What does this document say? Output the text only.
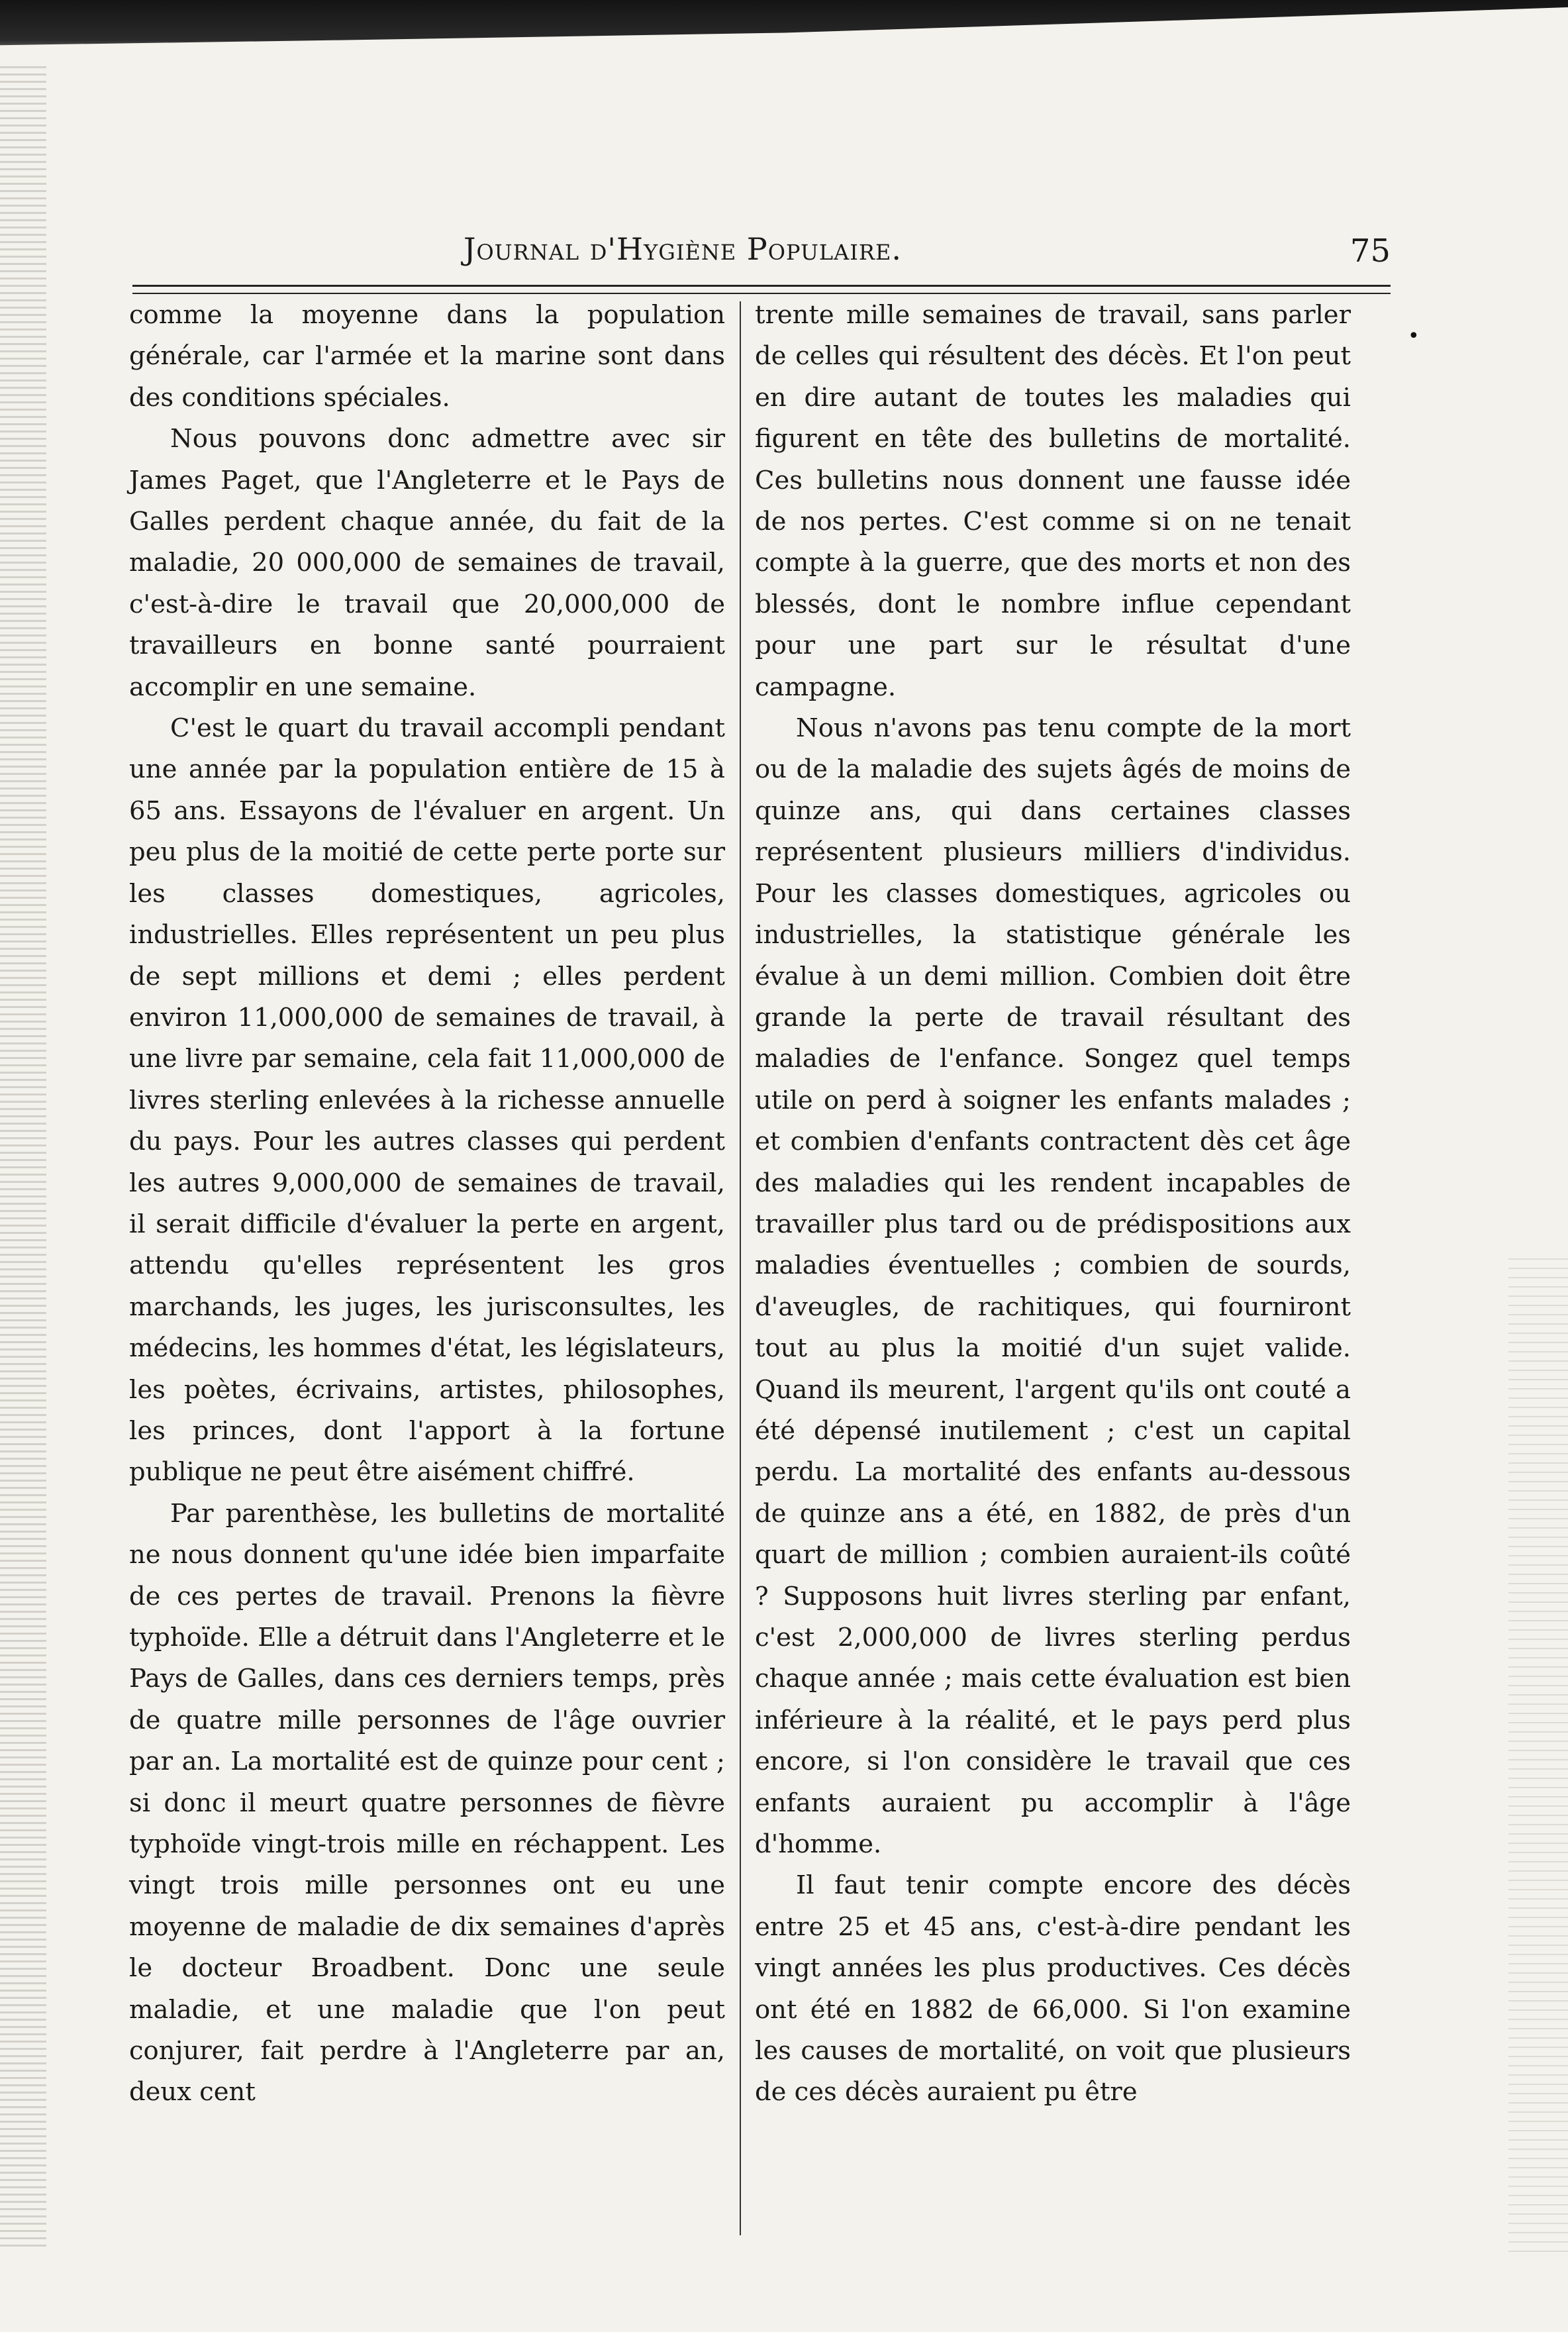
Journal d'Hygiène Populaire.	75

comme la moyenne dans la population générale, car l'armée et la marine sont dans des conditions spéciales.

Nous pouvons donc admettre avec sir James Paget, que l'Angleterre et le Pays de Galles perdent chaque année, du fait de la maladie, 20 000,000 de semaines de travail, c'est-à-dire le travail que 20,000,000 de travailleurs en bonne santé pourraient accomplir en une semaine.

C'est le quart du travail accompli pendant une année par la population entière de 15 à 65 ans. Essayons de l'évaluer en argent. Un peu plus de la moitié de cette perte porte sur les classes domestiques, agricoles, industrielles. Elles représentent un peu plus de sept millions et demi ; elles perdent environ 11,000,000 de semaines de travail, à une livre par semaine, cela fait 11,000,000 de livres sterling enlevées à la richesse annuelle du pays. Pour les autres classes qui perdent les autres 9,000,000 de semaines de travail, il serait difficile d'évaluer la perte en argent, attendu qu'elles représentent les gros marchands, les juges, les jurisconsultes, les médecins, les hommes d'état, les législateurs, les poètes, écrivains, artistes, philosophes, les princes, dont l'apport à la fortune publique ne peut être aisément chiffré.

Par parenthèse, les bulletins de mortalité ne nous donnent qu'une idée bien imparfaite de ces pertes de travail. Prenons la fièvre typhoïde. Elle a détruit dans l'Angleterre et le Pays de Galles, dans ces derniers temps, près de quatre mille personnes de l'âge ouvrier par an. La mortalité est de quinze pour cent ; si donc il meurt quatre personnes de fièvre typhoïde vingt-trois mille en réchappent. Les vingt trois mille personnes ont eu une moyenne de maladie de dix semaines d'après le docteur Broadbent. Donc une seule maladie, et une maladie que l'on peut conjurer, fait perdre à l'Angleterre par an, deux cent

trente mille semaines de travail, sans parler de celles qui résultent des décès. Et l'on peut en dire autant de toutes les maladies qui figurent en tête des bulletins de mortalité. Ces bulletins nous donnent une fausse idée de nos pertes. C'est comme si on ne tenait compte à la guerre, que des morts et non des blessés, dont le nombre influe cependant pour une part sur le résultat d'une campagne.

Nous n'avons pas tenu compte de la mort ou de la maladie des sujets âgés de moins de quinze ans, qui dans certaines classes représentent plusieurs milliers d'individus. Pour les classes domestiques, agricoles ou industrielles, la statistique générale les évalue à un demi million. Combien doit être grande la perte de travail résultant des maladies de l'enfance. Songez quel temps utile on perd à soigner les enfants malades ; et combien d'enfants contractent dès cet âge des maladies qui les rendent incapables de travailler plus tard ou de prédispositions aux maladies éventuelles ; combien de sourds, d'aveugles, de rachitiques, qui fourniront tout au plus la moitié d'un sujet valide. Quand ils meurent, l'argent qu'ils ont couté a été dépensé inutilement ; c'est un capital perdu. La mortalité des enfants au-dessous de quinze ans a été, en 1882, de près d'un quart de million ; combien auraient-ils coûté ? Supposons huit livres sterling par enfant, c'est 2,000,000 de livres sterling perdus chaque année ; mais cette évaluation est bien inférieure à la réalité, et le pays perd plus encore, si l'on considère le travail que ces enfants auraient pu accomplir à l'âge d'homme.

Il faut tenir compte encore des décès entre 25 et 45 ans, c'est-à-dire pendant les vingt années les plus productives. Ces décès ont été en 1882 de 66,000. Si l'on examine les causes de mortalité, on voit que plusieurs de ces décès auraient pu être

•
